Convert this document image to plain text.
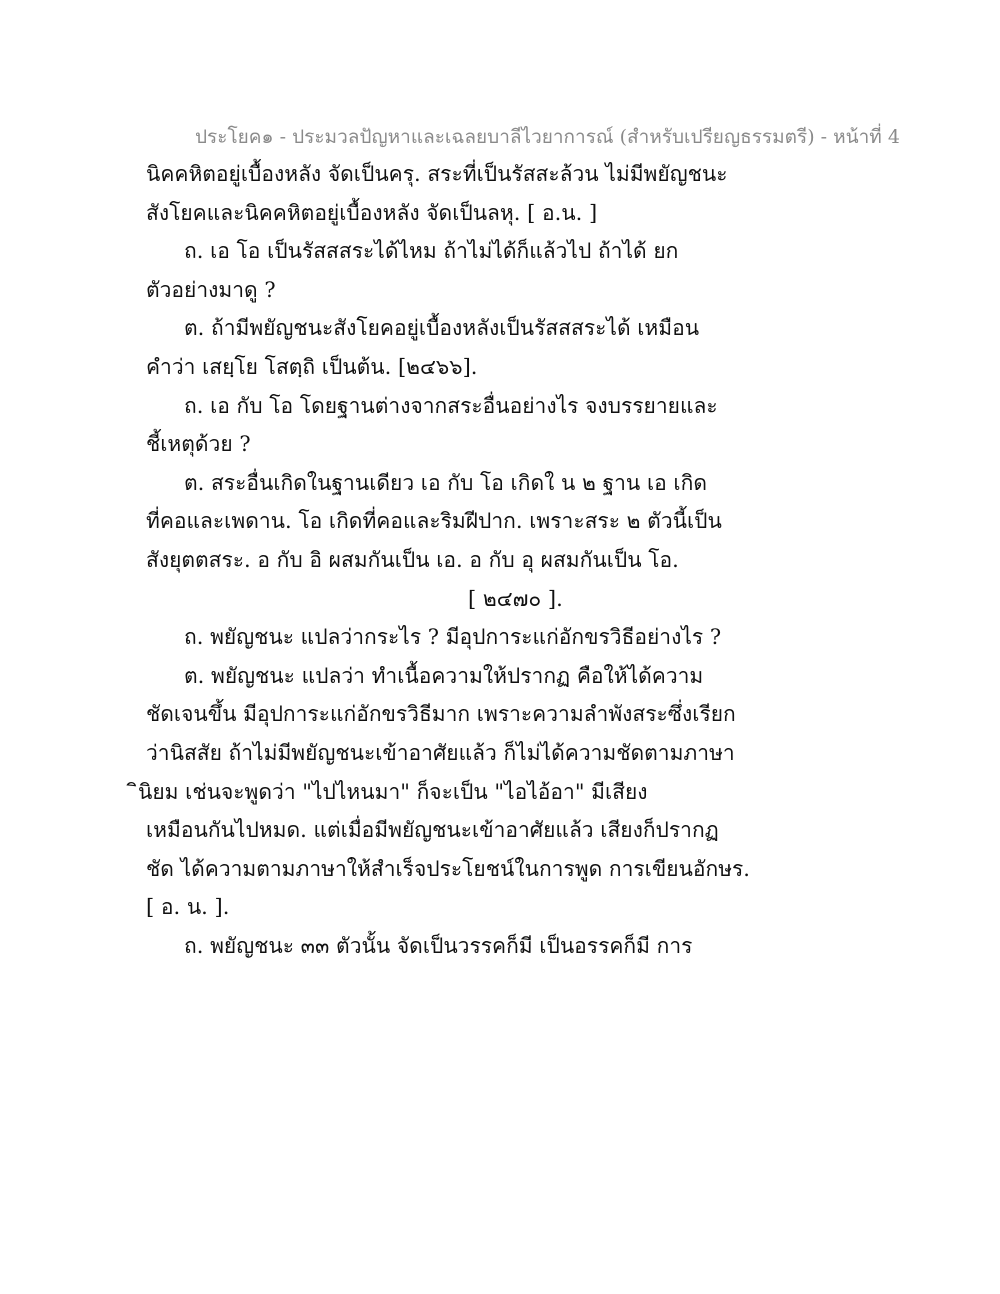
ประโยค๑ - ประมวลปัญหาและเฉลยบาลีไวยาการณ์ (สำหรับเปรียญธรรมตรี) - หน้าที่ 4
นิคคหิตอยู่เบื้องหลัง จัดเป็นครุ. สระที่เป็นรัสสะล้วน ไม่มีพยัญชนะ
สังโยคและนิคคหิตอยู่เบื้องหลัง จัดเป็นลหุ. [ อ.น. ]
ถ. เอ โอ เป็นรัสสสระได้ไหม ถ้าไม่ได้ก็แล้วไป ถ้าได้ ยก
ตัวอย่างมาดู ?
ต. ถ้ามีพยัญชนะสังโยคอยู่เบื้องหลังเป็นรัสสสระได้ เหมือน
คำว่า เสยฺโย โสตฺถิ เป็นต้น. [๒๔๖๖].
ถ. เอ กับ โอ โดยฐานต่างจากสระอื่นอย่างไร จงบรรยายและ
ชี้เหตุด้วย ?
ต. สระอื่นเกิดในฐานเดียว เอ กับ โอ เกิดใ น ๒ ฐาน เอ เกิด
ที่คอและเพดาน. โอ เกิดที่คอและริมฝีปาก. เพราะสระ ๒ ตัวนี้เป็น
สังยุตตสระ. อ กับ อิ ผสมกันเป็น เอ. อ กับ อุ ผสมกันเป็น โอ.
[ ๒๔๗๐ ].
ถ. พยัญชนะ แปลว่ากระไร ? มีอุปการะแก่อักขรวิธีอย่างไร ?
ต. พยัญชนะ แปลว่า ทำเนื้อความให้ปรากฏ คือให้ได้ความ
ชัดเจนขึ้น มีอุปการะแก่อักขรวิธีมาก เพราะความลำพังสระซึ่งเรียก
ว่านิสสัย ถ้าไม่มีพยัญชนะเข้าอาศัยแล้ว ก็ไม่ได้ความชัดตามภาษา
ินิยม เช่นจะพูดว่า "ไปไหนมา" ก็จะเป็น "ไอไอ้อา" มีเสียง
เหมือนกันไปหมด. แต่เมื่อมีพยัญชนะเข้าอาศัยแล้ว เสียงก็ปรากฏ
ชัด ได้ความตามภาษาให้สำเร็จประโยชน์ในการพูด การเขียนอักษร.
[ อ. น. ].
ถ. พยัญชนะ ๓๓ ตัวนั้น จัดเป็นวรรคก็มี เป็นอรรคก็มี การ
